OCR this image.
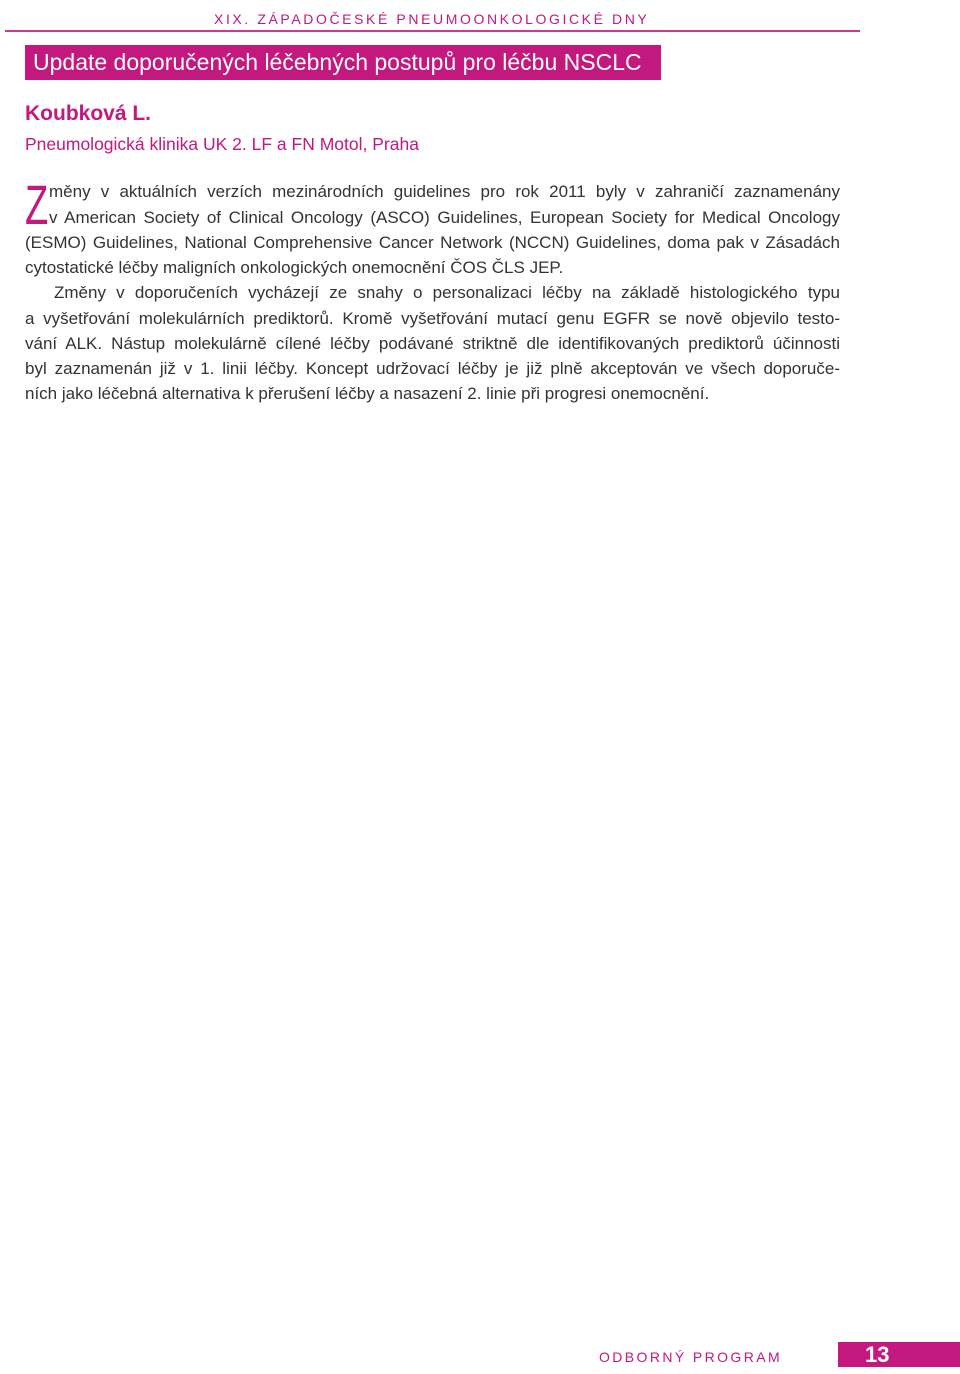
XIX. ZÁPADOČESKÉ PNEUMOONKOLOGICKÉ DNY
Update doporučených léčebných postupů pro léčbu NSCLC
Koubková L.
Pneumologická klinika UK 2. LF a FN Motol, Praha
Z měny v aktuálních verzích mezinárodních guidelines pro rok 2011 byly v zahraničí zaznamenány
v American Society of Clinical Oncology (ASCO) Guidelines, European Society for Medical Oncology
(ESMO) Guidelines, National Comprehensive Cancer Network (NCCN) Guidelines, doma pak v Zásadách
cytostatické léčby maligních onkologických onemocnění ČOS ČLS JEP.
Změny v doporučeních vycházejí ze snahy o personalizaci léčby na základě histologického typu
a vyšetřování molekulárních prediktorů. Kromě vyšetřování mutací genu EGFR se nově objevilo testo-
vání ALK. Nástup molekulárně cílené léčby podávané striktně dle identifikovaných prediktorů účinnosti
byl zaznamenán již v 1. linii léčby. Koncept udržovací léčby je již plně akceptován ve všech doporuče-
ních jako léčebná alternativa k přerušení léčby a nasazení 2. linie při progresi onemocnění.
ODBORNÝ PROGRAM	13
